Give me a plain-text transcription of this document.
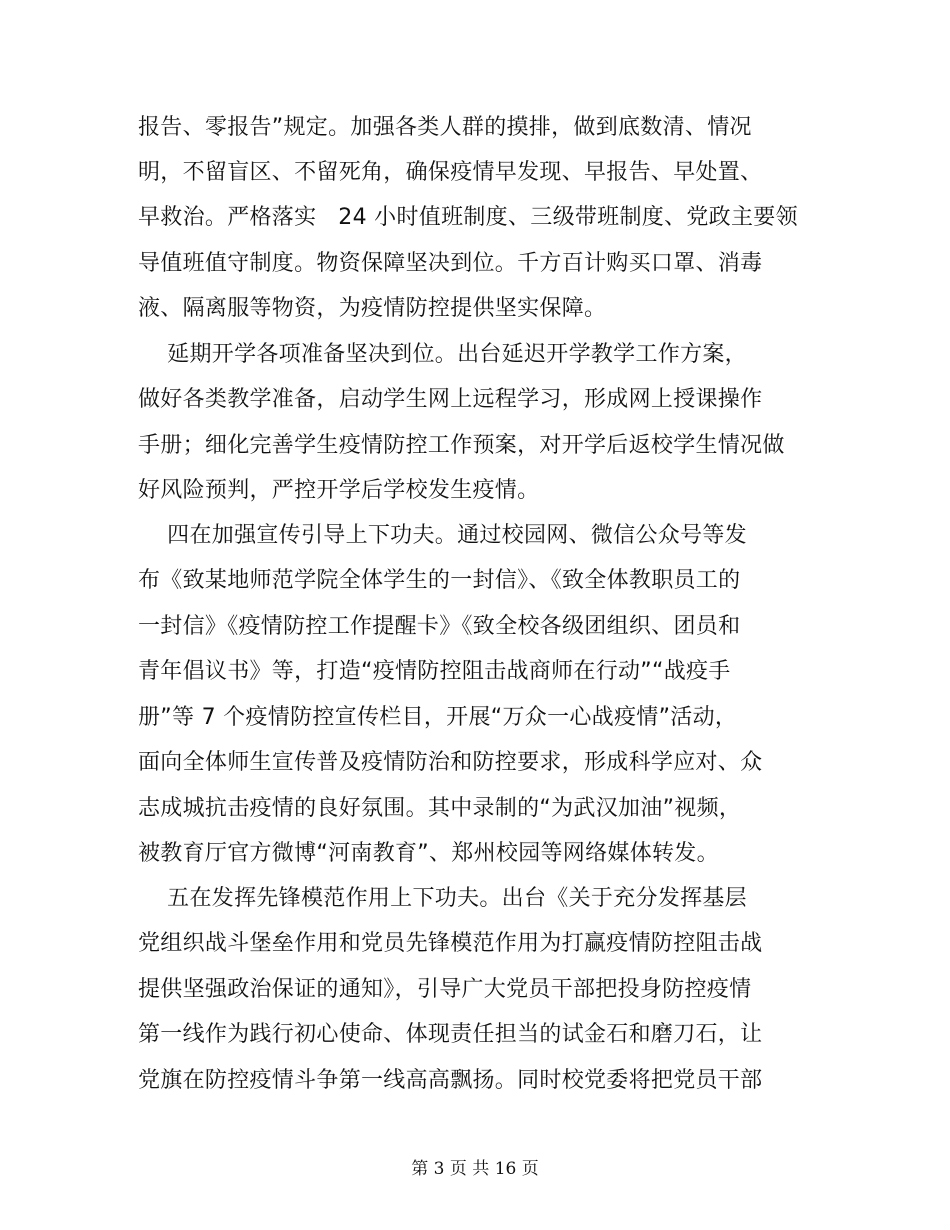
报告、零报告”规定。加强各类人群的摸排，做到底数清、情况
明，不留盲区、不留死角，确保疫情早发现、早报告、早处置、
早救治。严格落实   24 小时值班制度、三级带班制度、党政主要领
导值班值守制度。物资保障坚决到位。千方百计购买口罩、消毒
液、隔离服等物资，为疫情防控提供坚实保障。
延期开学各项准备坚决到位。出台延迟开学教学工作方案，
做好各类教学准备，启动学生网上远程学习，形成网上授课操作
手册；细化完善学生疫情防控工作预案，对开学后返校学生情况做
好风险预判，严控开学后学校发生疫情。
四在加强宣传引导上下功夫。通过校园网、微信公众号等发
布《致某地师范学院全体学生的一封信》、《致全体教职员工的
一封信》《疫情防控工作提醒卡》《致全校各级团组织、团员和
青年倡议书》等，打造“疫情防控阻击战商师在行动”“战疫手
册”等 7 个疫情防控宣传栏目，开展“万众一心战疫情”活动，
面向全体师生宣传普及疫情防治和防控要求，形成科学应对、众
志成城抗击疫情的良好氛围。其中录制的“为武汉加油”视频，
被教育厅官方微博“河南教育”、郑州校园等网络媒体转发。
五在发挥先锋模范作用上下功夫。出台《关于充分发挥基层
党组织战斗堡垒作用和党员先锋模范作用为打赢疫情防控阻击战
提供坚强政治保证的通知》，引导广大党员干部把投身防控疫情
第一线作为践行初心使命、体现责任担当的试金石和磨刀石，让
党旗在防控疫情斗争第一线高高飘扬。同时校党委将把党员干部
第 3 页 共 16 页
